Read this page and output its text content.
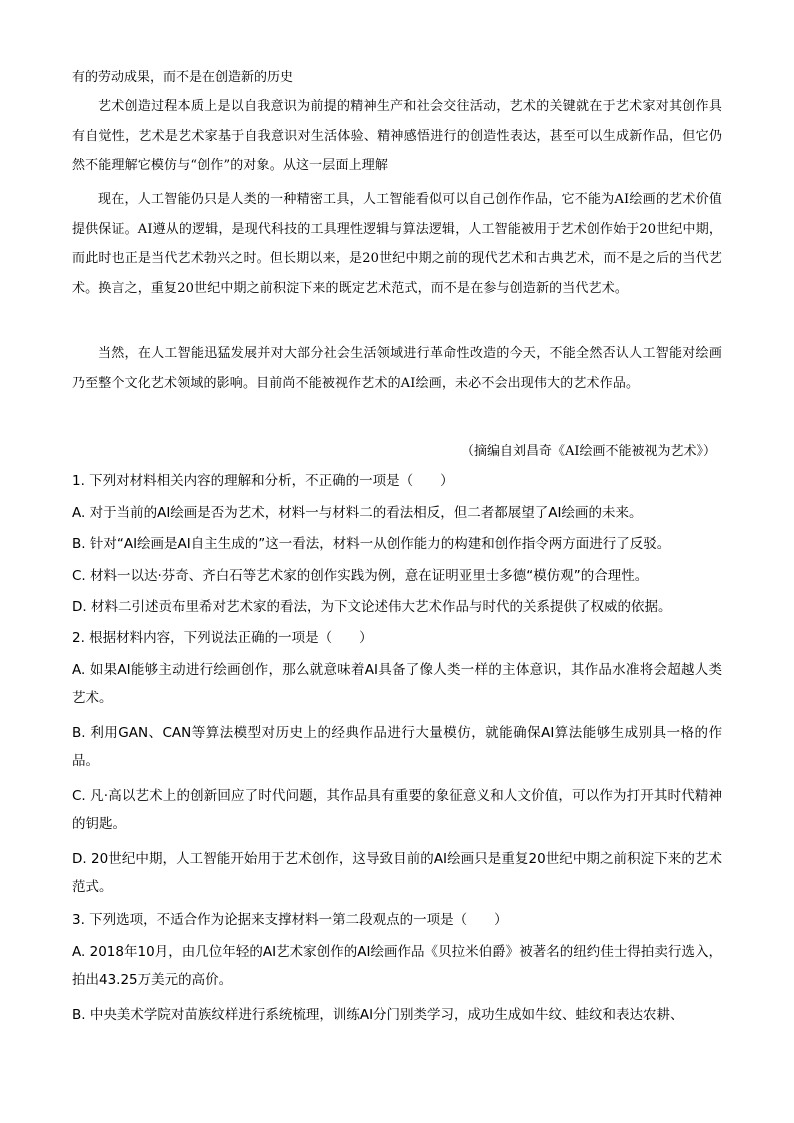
有的劳动成果，而不是在创造新的历史

艺术创造过程本质上是以自我意识为前提的精神生产和社会交往活动，艺术的关键就在于艺术家对其创作具有自觉性，艺术是艺术家基于自我意识对生活体验、精神感悟进行的创造性表达，甚至可以生成新作品，但它仍然不能理解它模仿与“创作”的对象。从这一层面上理解

现在，人工智能仍只是人类的一种精密工具，人工智能看似可以自己创作作品，它不能为AI绘画的艺术价值提供保证。AI遵从的逻辑，是现代科技的工具理性逻辑与算法逻辑，人工智能被用于艺术创作始于20世纪中期，而此时也正是当代艺术勃兴之时。但长期以来，是20世纪中期之前的现代艺术和古典艺术，而不是之后的当代艺术。换言之，重复20世纪中期之前积淀下来的既定艺术范式，而不是在参与创造新的当代艺术。

当然，在人工智能迅猛发展并对大部分社会生活领域进行革命性改造的今天，不能全然否认人工智能对绘画乃至整个文化艺术领域的影响。目前尚不能被视作艺术的AI绘画，未必不会出现伟大的艺术作品。

（摘编自刘昌奇《AI绘画不能被视为艺术》）

1. 下列对材料相关内容的理解和分析，不正确的一项是（　　）

A. 对于当前的AI绘画是否为艺术，材料一与材料二的看法相反，但二者都展望了AI绘画的未来。

B. 针对“AI绘画是AI自主生成的”这一看法，材料一从创作能力的构建和创作指令两方面进行了反驳。

C. 材料一以达·芬奇、齐白石等艺术家的创作实践为例，意在证明亚里士多德“模仿观”的合理性。

D. 材料二引述贡布里希对艺术家的看法，为下文论述伟大艺术作品与时代的关系提供了权威的依据。

2. 根据材料内容，下列说法正确的一项是（　　）

A. 如果AI能够主动进行绘画创作，那么就意味着AI具备了像人类一样的主体意识，其作品水准将会超越人类艺术。

B. 利用GAN、CAN等算法模型对历史上的经典作品进行大量模仿，就能确保AI算法能够生成别具一格的作品。

C. 凡·高以艺术上的创新回应了时代问题，其作品具有重要的象征意义和人文价值，可以作为打开其时代精神的钥匙。

D. 20世纪中期，人工智能开始用于艺术创作，这导致目前的AI绘画只是重复20世纪中期之前积淀下来的艺术范式。

3. 下列选项，不适合作为论据来支撑材料一第二段观点的一项是（　　）

A. 2018年10月，由几位年轻的AI艺术家创作的AI绘画作品《贝拉米伯爵》被著名的纽约佳士得拍卖行选入，拍出43.25万美元的高价。

B. 中央美术学院对苗族纹样进行系统梳理，训练AI分门别类学习，成功生成如牛纹、蛙纹和表达农耕、
